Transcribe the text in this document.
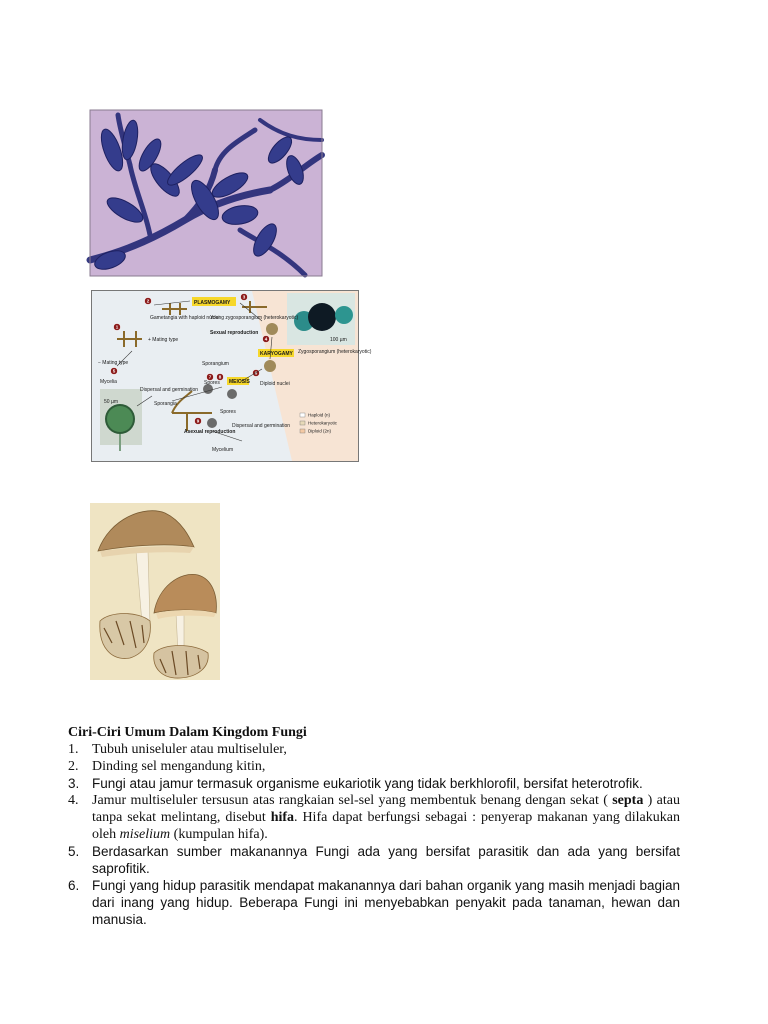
1
2
3
4
5	6
7 8
9
PLASMOGAMY
Gametangia with haploid nuclei
Young zygosporangium (heterokaryotic)
Sexual reproduction
KARYOGAMY Zygosporangium (heterokaryotic)
100 µm
+ Mating type
− Mating type
Mycelia
Sporangium
Spores MEIOSIS Diploid nuclei
Dispersal and germination
Sporangia
50 µm
Spores
Asexual reproduction
Dispersal and germination
Mycelium
Haploid (n)
Heterokaryotic
Diploid (2n)
Ciri-Ciri Umum Dalam Kingdom Fungi
1. Tubuh uniseluler atau multiseluler,
2. Dinding sel mengandung kitin,
3. Fungi atau jamur termasuk organisme eukariotik yang tidak berkhlorofil, bersifat heterotrofik.
4. Jamur multiseluler tersusun atas rangkaian sel-sel yang membentuk benang dengan sekat ( septa ) atau tanpa sekat melintang, disebut hifa. Hifa dapat berfungsi sebagai : penyerap makanan yang dilakukan oleh miselium (kumpulan hifa).
5. Berdasarkan sumber makanannya Fungi ada yang bersifat parasitik dan ada yang bersifat saprofitik.
6. Fungi yang hidup parasitik mendapat makanannya dari bahan organik yang masih menjadi bagian dari inang yang hidup. Beberapa Fungi ini menyebabkan penyakit pada tanaman, hewan dan manusia.
